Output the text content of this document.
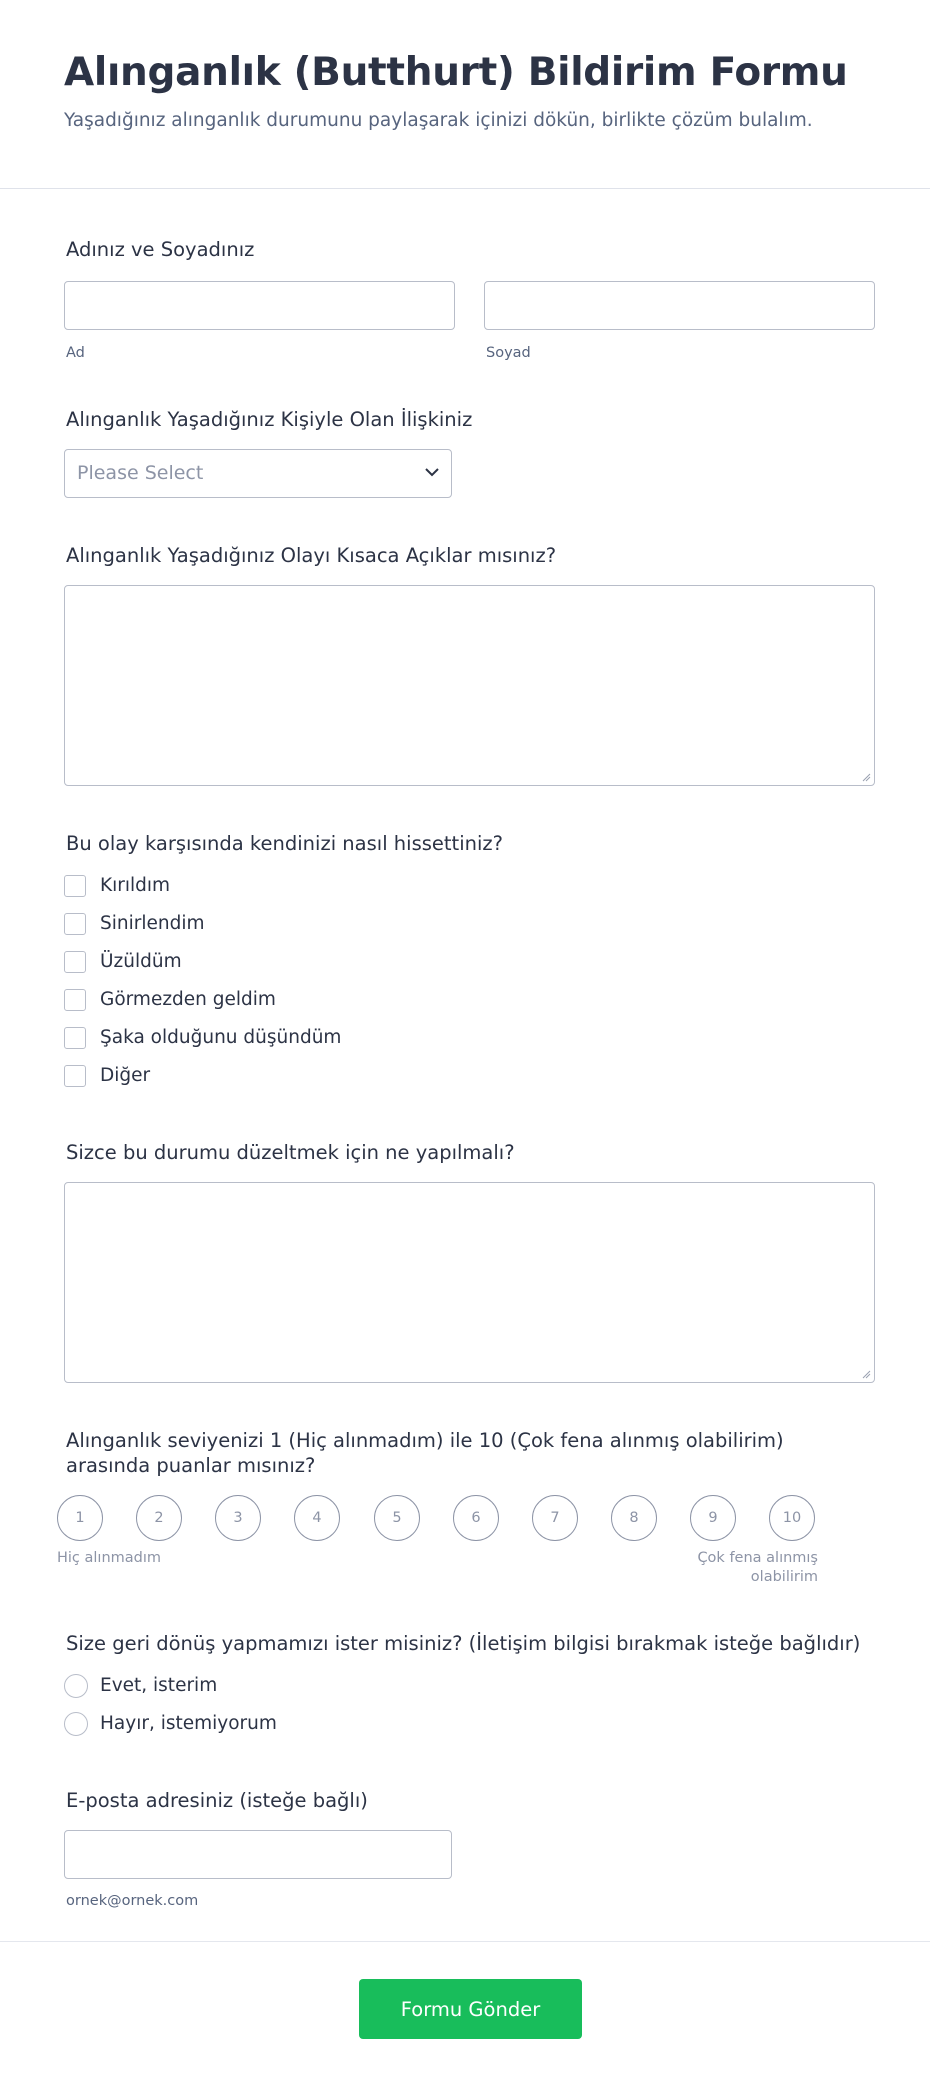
Alınganlık (Butthurt) Bildirim Formu
Yaşadığınız alınganlık durumunu paylaşarak içinizi dökün, birlikte çözüm bulalım.
Adınız ve Soyadınız
Ad	Soyad
Alınganlık Yaşadığınız Kişiyle Olan İlişkiniz
Please Select
Alınganlık Yaşadığınız Olayı Kısaca Açıklar mısınız?
Bu olay karşısında kendinizi nasıl hissettiniz?
Kırıldım
Sinirlendim
Üzüldüm
Görmezden geldim
Şaka olduğunu düşündüm
Diğer
Sizce bu durumu düzeltmek için ne yapılmalı?
Alınganlık seviyenizi 1 (Hiç alınmadım) ile 10 (Çok fena alınmış olabilirim) arasında puanlar mısınız?
1	2	3	4	5	6	7	8	9	10
Hiç alınmadım	Çok fena alınmış olabilirim
Size geri dönüş yapmamızı ister misiniz? (İletişim bilgisi bırakmak isteğe bağlıdır)
Evet, isterim
Hayır, istemiyorum
E-posta adresiniz (isteğe bağlı)
ornek@ornek.com
Formu Gönder
